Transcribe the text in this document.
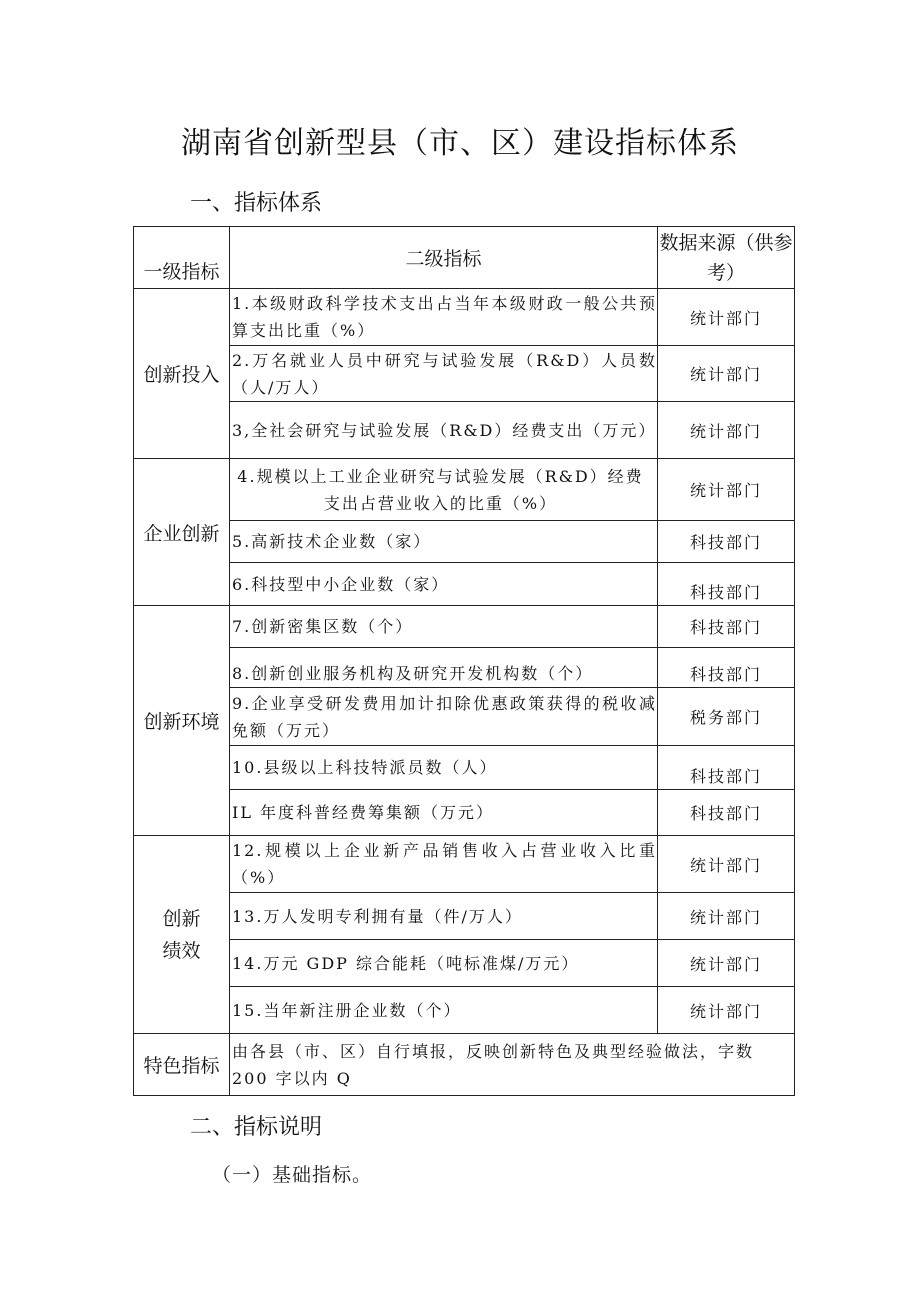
湖南省创新型县（市、区）建设指标体系
一、指标体系
一级指标	二级指标	数据来源（供参考）
创新投入	1.本级财政科学技术支出占当年本级财政一般公共预算支出比重（%）	统计部门
	2.万名就业人员中研究与试验发展（R&D）人员数（人/万人）	统计部门
	3,全社会研究与试验发展（R&D）经费支出（万元）	统计部门
企业创新	4.规模以上工业企业研究与试验发展（R&D）经费支出占营业收入的比重（%）	统计部门
	5.高新技术企业数（家）	科技部门
	6.科技型中小企业数（家）	科技部门
创新环境	7.创新密集区数（个）	科技部门
	8.创新创业服务机构及研究开发机构数（个）	科技部门
	9.企业享受研发费用加计扣除优惠政策获得的税收减免额（万元）	税务部门
	10.县级以上科技特派员数（人）	科技部门
	IL 年度科普经费筹集额（万元）	科技部门
创新绩效	12.规模以上企业新产品销售收入占营业收入比重（%）	统计部门
	13.万人发明专利拥有量（件/万人）	统计部门
	14.万元 GDP 综合能耗（吨标准煤/万元）	统计部门
	15.当年新注册企业数（个）	统计部门
特色指标	由各县（市、区）自行填报，反映创新特色及典型经验做法，字数 200 字以内 Q	
二、指标说明

（一）基础指标。
